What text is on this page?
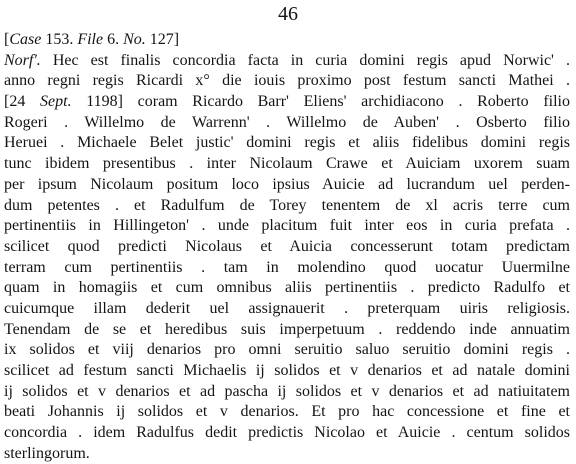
46
[Case 153. File 6. No. 127]
Norf'. Hec est finalis concordia facta in curia domini regis apud Norwic' .
anno regni regis Ricardi x° die iouis proximo post festum sancti Mathei .
[24 Sept. 1198] coram Ricardo Barr' Eliens' archidiacono . Roberto filio
Rogeri . Willelmo de Warrenn' . Willelmo de Auben' . Osberto filio
Heruei . Michaele Belet justic' domini regis et aliis fidelibus domini regis
tunc ibidem presentibus . inter Nicolaum Crawe et Auiciam uxorem suam
per ipsum Nicolaum positum loco ipsius Auicie ad lucrandum uel perden-
dum petentes . et Radulfum de Torey tenentem de xl acris terre cum
pertinentiis in Hillingeton' . unde placitum fuit inter eos in curia prefata .
scilicet quod predicti Nicolaus et Auicia concesserunt totam predictam
terram cum pertinentiis . tam in molendino quod uocatur Uuermilne
quam in homagiis et cum omnibus aliis pertinentiis . predicto Radulfo et
cuicumque illam dederit uel assignauerit . preterquam uiris religiosis.
Tenendam de se et heredibus suis imperpetuum . reddendo inde annuatim
ix solidos et viij denarios pro omni seruitio saluo seruitio domini regis .
scilicet ad festum sancti Michaelis ij solidos et v denarios et ad natale domini
ij solidos et v denarios et ad pascha ij solidos et v denarios et ad natiuitatem
beati Johannis ij solidos et v denarios. Et pro hac concessione et fine et
concordia . idem Radulfus dedit predictis Nicolao et Auicie . centum solidos
sterlingorum.
